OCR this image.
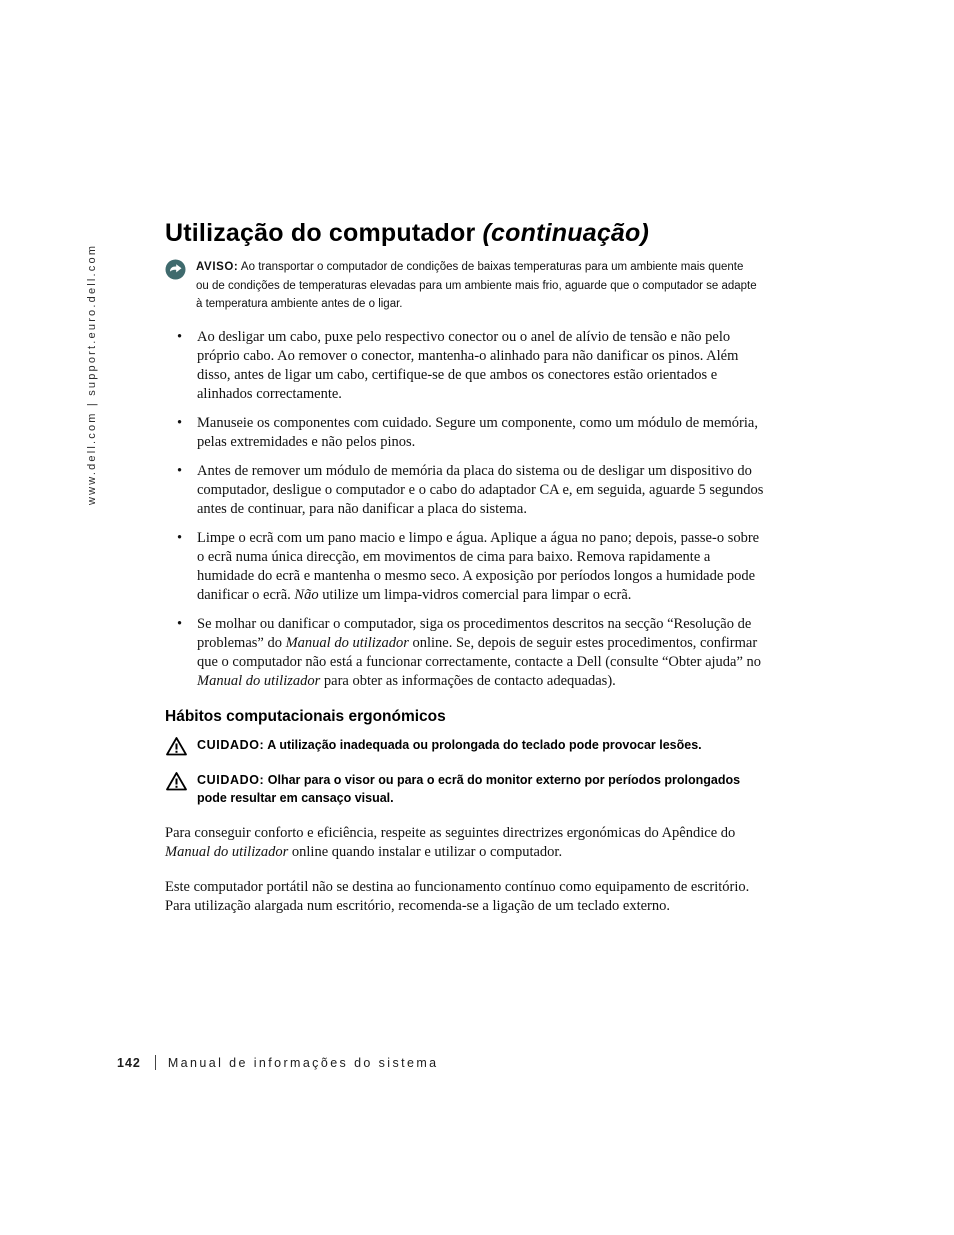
www.dell.com | support.euro.dell.com
Utilização do computador (continuação)
AVISO: Ao transportar o computador de condições de baixas temperaturas para um ambiente mais quente ou de condições de temperaturas elevadas para um ambiente mais frio, aguarde que o computador se adapte à temperatura ambiente antes de o ligar.
• Ao desligar um cabo, puxe pelo respectivo conector ou o anel de alívio de tensão e não pelo próprio cabo. Ao remover o conector, mantenha-o alinhado para não danificar os pinos. Além disso, antes de ligar um cabo, certifique-se de que ambos os conectores estão orientados e alinhados correctamente.
• Manuseie os componentes com cuidado. Segure um componente, como um módulo de memória, pelas extremidades e não pelos pinos.
• Antes de remover um módulo de memória da placa do sistema ou de desligar um dispositivo do computador, desligue o computador e o cabo do adaptador CA e, em seguida, aguarde 5 segundos antes de continuar, para não danificar a placa do sistema.
• Limpe o ecrã com um pano macio e limpo e água. Aplique a água no pano; depois, passe-o sobre o ecrã numa única direcção, em movimentos de cima para baixo. Remova rapidamente a humidade do ecrã e mantenha o mesmo seco. A exposição por períodos longos a humidade pode danificar o ecrã. Não utilize um limpa-vidros comercial para limpar o ecrã.
• Se molhar ou danificar o computador, siga os procedimentos descritos na secção “Resolução de problemas” do Manual do utilizador online. Se, depois de seguir estes procedimentos, confirmar que o computador não está a funcionar correctamente, contacte a Dell (consulte “Obter ajuda” no Manual do utilizador para obter as informações de contacto adequadas).
Hábitos computacionais ergonómicos
CUIDADO: A utilização inadequada ou prolongada do teclado pode provocar lesões.
CUIDADO: Olhar para o visor ou para o ecrã do monitor externo por períodos prolongados pode resultar em cansaço visual.

Para conseguir conforto e eficiência, respeite as seguintes directrizes ergonómicas do Apêndice do Manual do utilizador online quando instalar e utilizar o computador.

Este computador portátil não se destina ao funcionamento contínuo como equipamento de escritório. Para utilização alargada num escritório, recomenda-se a ligação de um teclado externo.

142 Manual de informações do sistema
